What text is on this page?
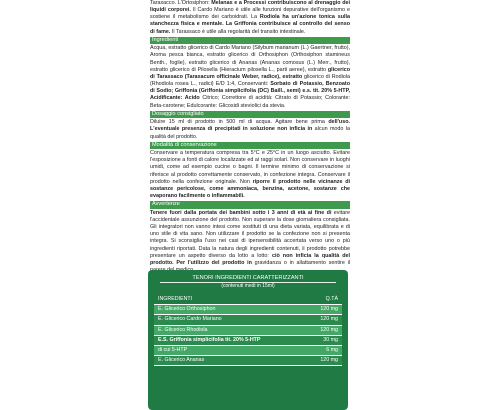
Taraxacco. L'Ortosiphon: Melanas e a Processi contribuiscono al drenaggio dei liquidi corporei. Il Cardo Mariano è utile alle funzioni depurative dell'organismo e sostiene il metabolismo dei carboidrati. La Rodiola ha un'azione tonica sulla stanchezza fisica e mentale. La Griffonia contribuisce al controllo del senso di fame. Il Tarassaco è utile alla regolarità del transito intestinale.

Ingredienti

Acqua, estratto glicerico di Cardo Mariano (Silybum marianum (L.) Gaertner, frutto), Aroma pesca bianca, estratto glicerico di Orthosiphon (Orthosiphon stamineus Benth., foglie), estratto glicerico di Ananas (Ananas comosus (L.) Merr., frutto), estratto glicerico di Pilosella (Hieracium pilosella L., parti aeree), estratto glicerico di Tarassaco (Taraxacum officinale Weber, radice), estratto glicerico di Rodiola (Rhodiola rosea L., radici) E/D 1:4, Conservanti: Sorbato di Potassio, Benzoato di Sodio; Griffonia (Griffonia simplicifolia (DC) Baill., semi) e.s. tit. 20% 5-HTP, Acidificante: Acido Citrico; Correttore di acidità: Citrato di Potassio; Colorante: Beta-carotene; Edulcorante: Glicosidi steviolici da stevia.

Dosaggio consigliato

Diluire 15 ml di prodotto in 500 ml di acqua. Agitare bene prima dell'uso. L'eventuale presenza di precipitati in soluzione non inficia in alcun modo la qualità del prodotto.

Modalità di conservazione

Conservare a temperatura compresa tra 5°C e 25°C in un luogo asciutto. Evitare l'esposizione a fonti di calore localizzate ed ai raggi solari. Non conservare in luoghi umidi, come ad esempio cucine o bagni. Il termine minimo di conservazione si riferisce al prodotto correttamente conservato, in confezione integra. Conservare il prodotto nella confezione originale. Non riporre il prodotto nelle vicinanze di sostanze pericolose, come ammoniaca, benzina, acetone, sostanze che evaporano facilmente o infiammabili.

Avvertenze

Tenere fuori dalla portata dei bambini sotto i 3 anni di età ai fine di evitare l'accidentale assunzione del prodotto. Non superare la dose giornaliera consigliata. Gli integratori non vanno intesi come sostituti di una dieta variata, equilibrata e di uno stile di vita sano. Non utilizzare il prodotto se la confezione non si presenta integra. Si sconsiglia l'uso nei casi di ipersensibilità accertata verso uno o più ingredienti riportati. Data la natura degli ingredienti contenuti, il prodotto potrebbe presentare un aspetto diverso da lotto a lotto: ciò non inficia la qualità del prodotto. Per l'utilizzo del prodotto in gravidanza o in allattamento sentire il

TENORI INGREDIENTI CARATTERIZZANTI
(contenuti medi in 15ml)
INGREDIENTI	Q.TÀ
E. Glicerico Orthosiphon	120 mg
E. Glicerico Cardo Mariano	120 mg
E. Glicerico Rhodiola	120 mg
E.S. Griffonia simplicifolia tit. 20% 5-HTP	30 mg
di cui 5-HTP	6 mg
E. Glicerico Ananas	120 mg
